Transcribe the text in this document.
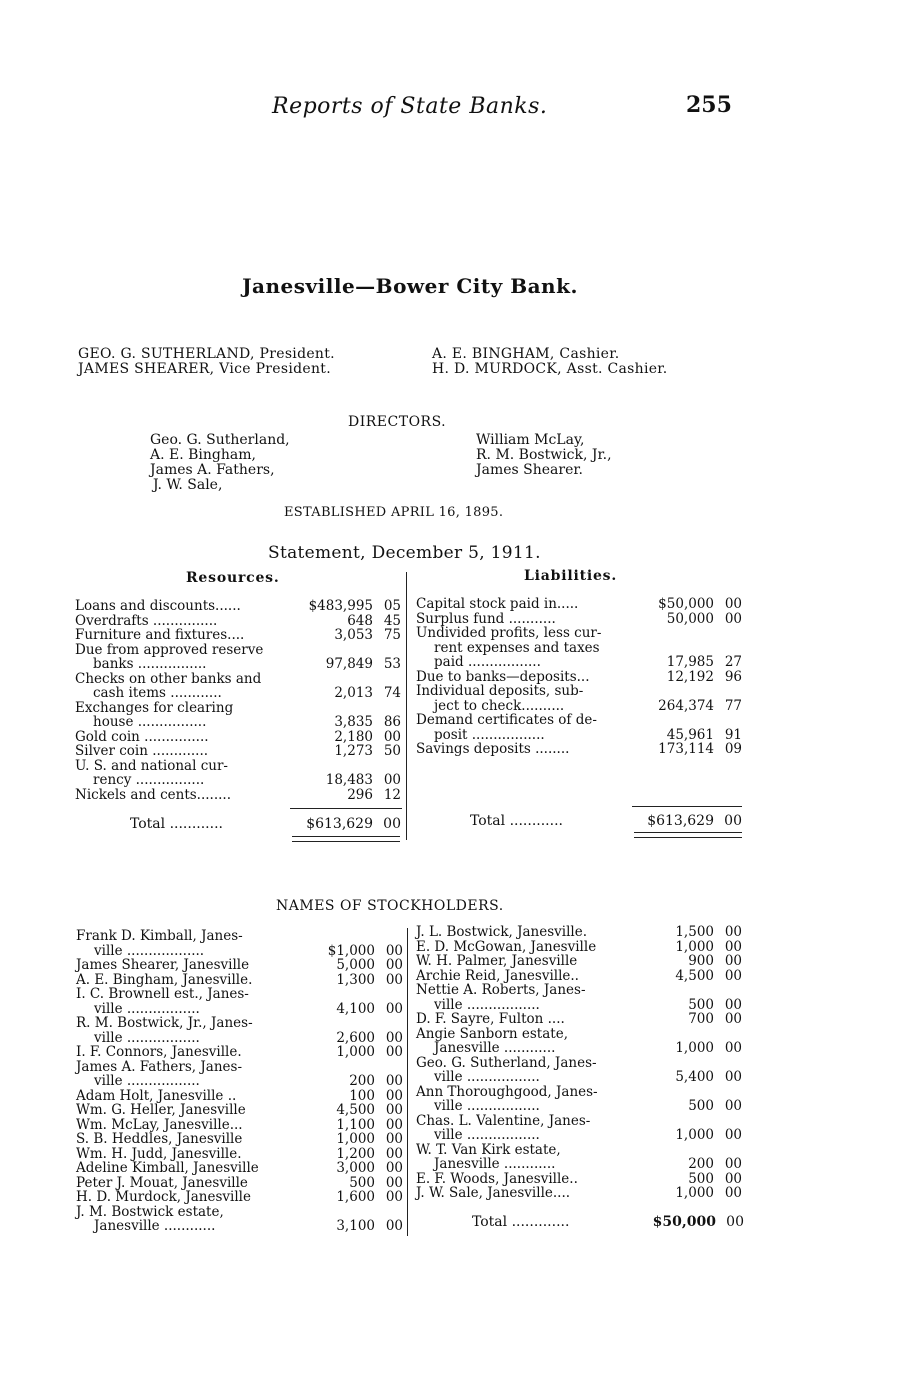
Reports of State Banks.	255
Janesville—Bower City Bank.
GEO. G. SUTHERLAND, President.
JAMES SHEARER, Vice President.
A. E. BINGHAM, Cashier.
H. D. MURDOCK, Asst. Cashier.
DIRECTORS.
Geo. G. Sutherland,
A. E. Bingham,
James A. Fathers,
J. W. Sale,
William McLay,
R. M. Bostwick, Jr.,
James Shearer.
ESTABLISHED APRIL 16, 1895.
Statement, December 5, 1911.
Resources.	Liabilities.
Loans and discounts......	$483,995 05
Overdrafts ...............	648 45
Furniture and fixtures....	3,053 75
Due from approved reserve
banks ................	97,849 53
Checks on other banks and
cash items ............	2,013 74
Exchanges for clearing
house ................	3,835 86
Gold coin ...............	2,180 00
Silver coin .............	1,273 50
U. S. and national cur-
rency ................	18,483 00
Nickels and cents........	296 12
Capital stock paid in.....	$50,000 00
Surplus fund ...........	50,000 00
Undivided profits, less cur-
rent expenses and taxes
paid .................	17,985 27
Due to banks—deposits...	12,192 96
Individual deposits, sub-
ject to check..........	264,374 77
Demand certificates of de-
posit .................	45,961 91
Savings deposits ........	173,114 09
Total ............	$613,629 00	Total ............	$613,629 00
NAMES OF STOCKHOLDERS.
Frank D. Kimball, Janes-
ville ..................	$1,000 00
James Shearer, Janesville	5,000 00
A. E. Bingham, Janesville.	1,300 00
I. C. Brownell est., Janes-
ville .................	4,100 00
R. M. Bostwick, Jr., Janes-
ville .................	2,600 00
I. F. Connors, Janesville.	1,000 00
James A. Fathers, Janes-
ville .................	200 00
Adam Holt, Janesville ..	100 00
Wm. G. Heller, Janesville	4,500 00
Wm. McLay, Janesville...	1,100 00
S. B. Heddles, Janesville	1,000 00
Wm. H. Judd, Janesville.	1,200 00
Adeline Kimball, Janesville	3,000 00
Peter J. Mouat, Janesville	500 00
H. D. Murdock, Janesville	1,600 00
J. M. Bostwick estate,
Janesville ............	3,100 00
J. L. Bostwick, Janesville.	1,500 00
E. D. McGowan, Janesville	1,000 00
W. H. Palmer, Janesville	900 00
Archie Reid, Janesville..	4,500 00
Nettie A. Roberts, Janes-
ville .................	500 00
D. F. Sayre, Fulton ....	700 00
Angie Sanborn estate,
Janesville ............	1,000 00
Geo. G. Sutherland, Janes-
ville .................	5,400 00
Ann Thoroughgood, Janes-
ville .................	500 00
Chas. L. Valentine, Janes-
ville .................	1,000 00
W. T. Van Kirk estate,
Janesville ............	200 00
E. F. Woods, Janesville..	500 00
J. W. Sale, Janesville....	1,000 00
Total .............	$50,000 00
